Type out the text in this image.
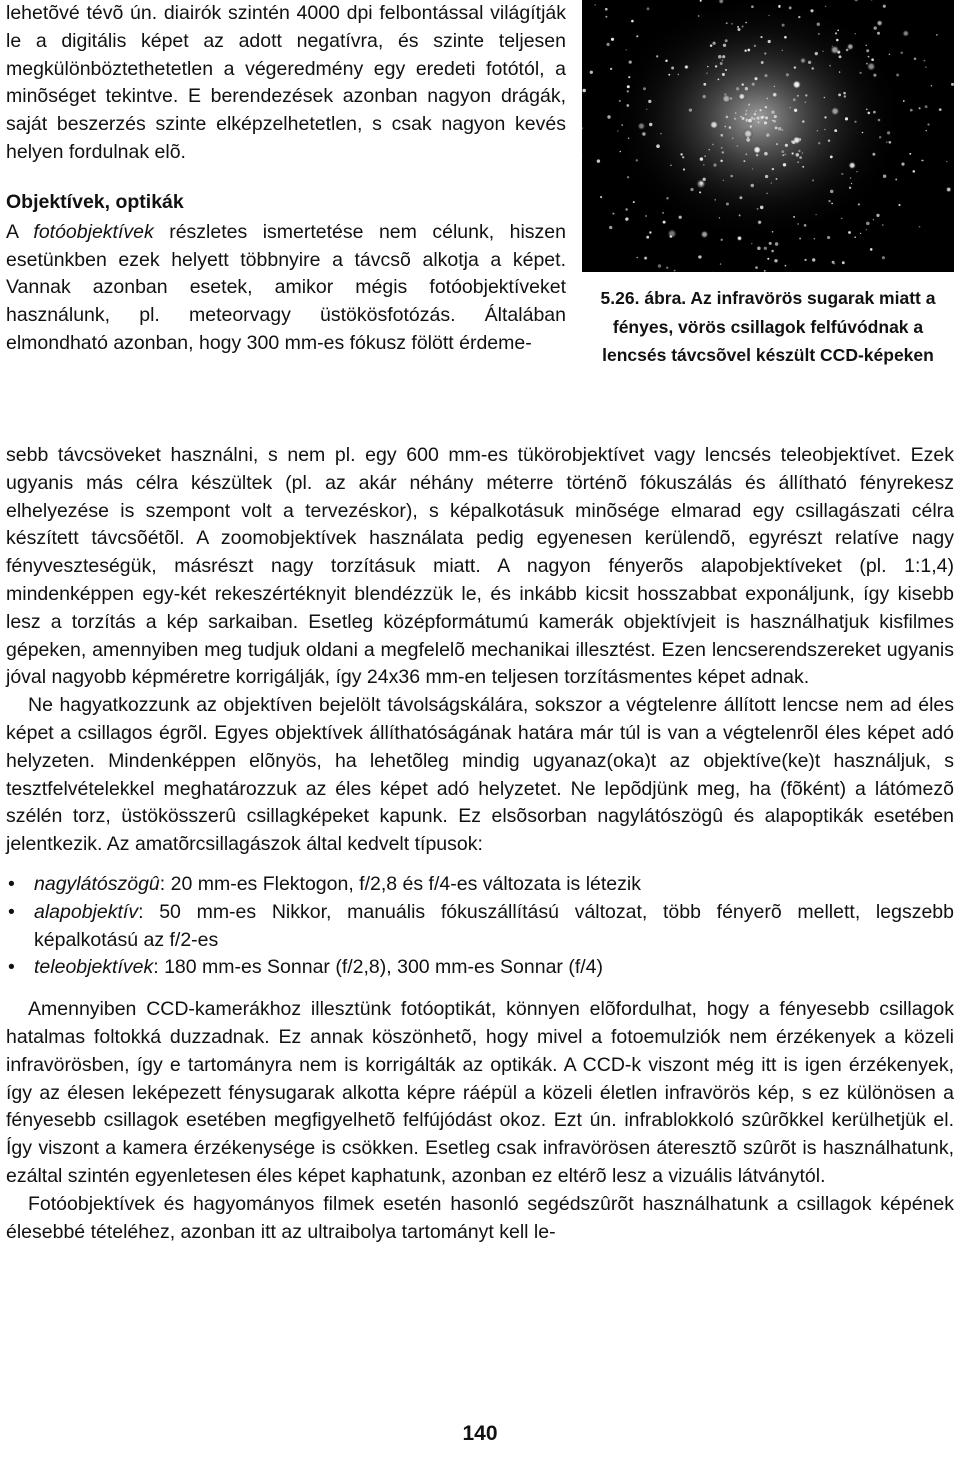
lehetõvé tévõ ún. diairók szintén 4000 dpi felbontással világítják le a digitális képet az adott negatívra, és szinte teljesen megkülönböztethetetlen a végeredmény egy eredeti fotótól, a minõséget tekintve. E berendezések azonban nagyon drágák, saját beszerzés szinte elképzelhetetlen, s csak nagyon kevés helyen fordulnak elõ.

Objektívek, optikák

A fotóobjektívek részletes ismertetése nem célunk, hiszen esetünkben ezek helyett többnyire a távcsõ alkotja a képet. Vannak azonban esetek, amikor mégis fotóobjektíveket használunk, pl. meteorvagy üstökösfotózás. Általában elmondható azonban, hogy 300 mm-es fókusz fölött érdeme-

5.26. ábra. Az infravörös sugarak miatt a fényes, vörös csillagok felfúvódnak a lencsés távcsõvel készült CCD-képeken

sebb távcsöveket használni, s nem pl. egy 600 mm-es tükörobjektívet vagy lencsés teleobjektívet. Ezek ugyanis más célra készültek (pl. az akár néhány méterre történõ fókuszálás és állítható fényrekesz elhelyezése is szempont volt a tervezéskor), s képalkotásuk minõsége elmarad egy csillagászati célra készített távcsõétõl. A zoomobjektívek használata pedig egyenesen kerülendõ, egyrészt relatíve nagy fényveszteségük, másrészt nagy torzításuk miatt. A nagyon fényerõs alapobjektíveket (pl. 1:1,4) mindenképpen egy-két rekeszértéknyit blendézzük le, és inkább kicsit hosszabbat exponáljunk, így kisebb lesz a torzítás a kép sarkaiban. Esetleg középformátumú kamerák objektívjeit is használhatjuk kisfilmes gépeken, amennyiben meg tudjuk oldani a megfelelõ mechanikai illesztést. Ezen lencserendszereket ugyanis jóval nagyobb képméretre korrigálják, így 24x36 mm-en teljesen torzításmentes képet adnak.

Ne hagyatkozzunk az objektíven bejelölt távolságskálára, sokszor a végtelenre állított lencse nem ad éles képet a csillagos égrõl. Egyes objektívek állíthatóságának határa már túl is van a végtelenrõl éles képet adó helyzeten. Mindenképpen elõnyös, ha lehetõleg mindig ugyanaz(oka)t az objektíve(ke)t használjuk, s tesztfelvételekkel meghatározzuk az éles képet adó helyzetet. Ne lepõdjünk meg, ha (fõként) a látómezõ szélén torz, üstökösszerû csillagképeket kapunk. Ez elsõsorban nagylátószögû és alapoptikák esetében jelentkezik. Az amatõrcsillagászok által kedvelt típusok:

• nagylátószögû: 20 mm-es Flektogon, f/2,8 és f/4-es változata is létezik
• alapobjektív: 50 mm-es Nikkor, manuális fókuszállítású változat, több fényerõ mellett, legszebb képalkotású az f/2-es
• teleobjektívek: 180 mm-es Sonnar (f/2,8), 300 mm-es Sonnar (f/4)

Amennyiben CCD-kamerákhoz illesztünk fotóoptikát, könnyen elõfordulhat, hogy a fényesebb csillagok hatalmas foltokká duzzadnak. Ez annak köszönhetõ, hogy mivel a fotoemulziók nem érzékenyek a közeli infravörösben, így e tartományra nem is korrigálták az optikák. A CCD-k viszont még itt is igen érzékenyek, így az élesen leképezett fénysugarak alkotta képre ráépül a közeli életlen infravörös kép, s ez különösen a fényesebb csillagok esetében megfigyelhetõ felfújódást okoz. Ezt ún. infrablokkoló szûrõkkel kerülhetjük el. Így viszont a kamera érzékenysége is csökken. Esetleg csak infravörösen áteresztõ szûrõt is használhatunk, ezáltal szintén egyenletesen éles képet kaphatunk, azonban ez eltérõ lesz a vizuális látványtól.

Fotóobjektívek és hagyományos filmek esetén hasonló segédszûrõt használhatunk a csillagok képének élesebbé tételéhez, azonban itt az ultraibolya tartományt kell le-

140
